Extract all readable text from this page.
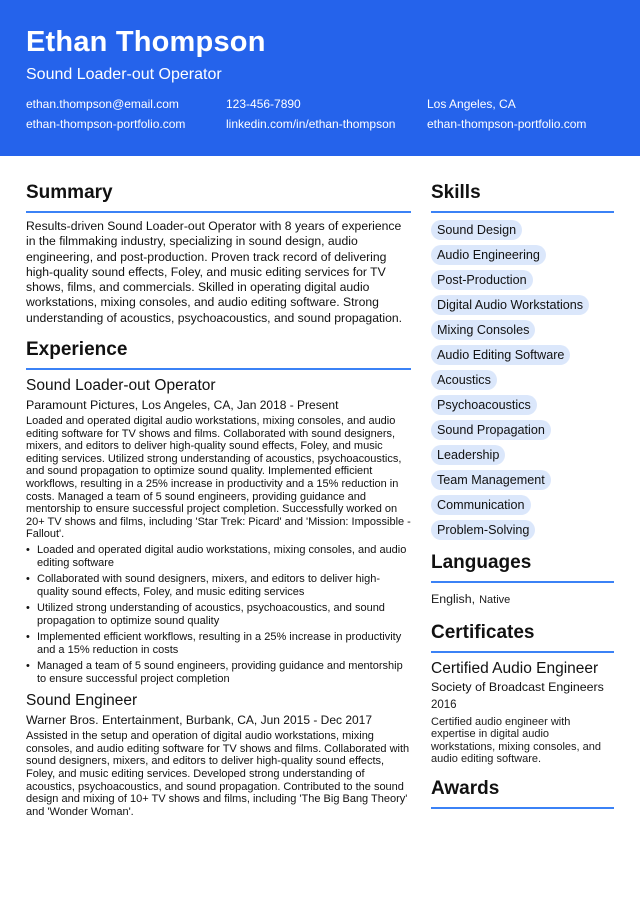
Ethan Thompson
Sound Loader-out Operator
ethan.thompson@email.com	123-456-7890	Los Angeles, CA
ethan-thompson-portfolio.com	linkedin.com/in/ethan-thompson	ethan-thompson-portfolio.com
Summary

Results-driven Sound Loader-out Operator with 8 years of experience in the filmmaking industry, specializing in sound design, audio engineering, and post-production. Proven track record of delivering high-quality sound effects, Foley, and music editing services for TV shows, films, and commercials. Skilled in operating digital audio workstations, mixing consoles, and audio editing software. Strong understanding of acoustics, psychoacoustics, and sound propagation.

Experience
Sound Loader-out Operator
Paramount Pictures, Los Angeles, CA, Jan 2018 - Present

Loaded and operated digital audio workstations, mixing consoles, and audio editing software for TV shows and films. Collaborated with sound designers, mixers, and editors to deliver high-quality sound effects, Foley, and music editing services. Utilized strong understanding of acoustics, psychoacoustics, and sound propagation to optimize sound quality. Implemented efficient workflows, resulting in a 25% increase in productivity and a 15% reduction in costs. Managed a team of 5 sound engineers, providing guidance and mentorship to ensure successful project completion. Successfully worked on 20+ TV shows and films, including 'Star Trek: Picard' and 'Mission: Impossible - Fallout'.

• Loaded and operated digital audio workstations, mixing consoles, and audio editing software
• Collaborated with sound designers, mixers, and editors to deliver high-quality sound effects, Foley, and music editing services
• Utilized strong understanding of acoustics, psychoacoustics, and sound propagation to optimize sound quality
• Implemented efficient workflows, resulting in a 25% increase in productivity and a 15% reduction in costs
• Managed a team of 5 sound engineers, providing guidance and mentorship to ensure successful project completion
Sound Engineer
Warner Bros. Entertainment, Burbank, CA, Jun 2015 - Dec 2017

Assisted in the setup and operation of digital audio workstations, mixing consoles, and audio editing software for TV shows and films. Collaborated with sound designers, mixers, and editors to deliver high-quality sound effects, Foley, and music editing services. Developed strong understanding of acoustics, psychoacoustics, and sound propagation. Contributed to the sound design and mixing of 10+ TV shows and films, including 'The Big Bang Theory' and 'Wonder Woman'.

Skills
Sound Design
Audio Engineering
Post-Production
Digital Audio Workstations
Mixing Consoles
Audio Editing Software
Acoustics
Psychoacoustics
Sound Propagation
Leadership
Team Management
Communication
Problem-Solving
Languages
English, Native
Certificates
Certified Audio Engineer
Society of Broadcast Engineers
2016

Certified audio engineer with expertise in digital audio workstations, mixing consoles, and audio editing software.

Awards
